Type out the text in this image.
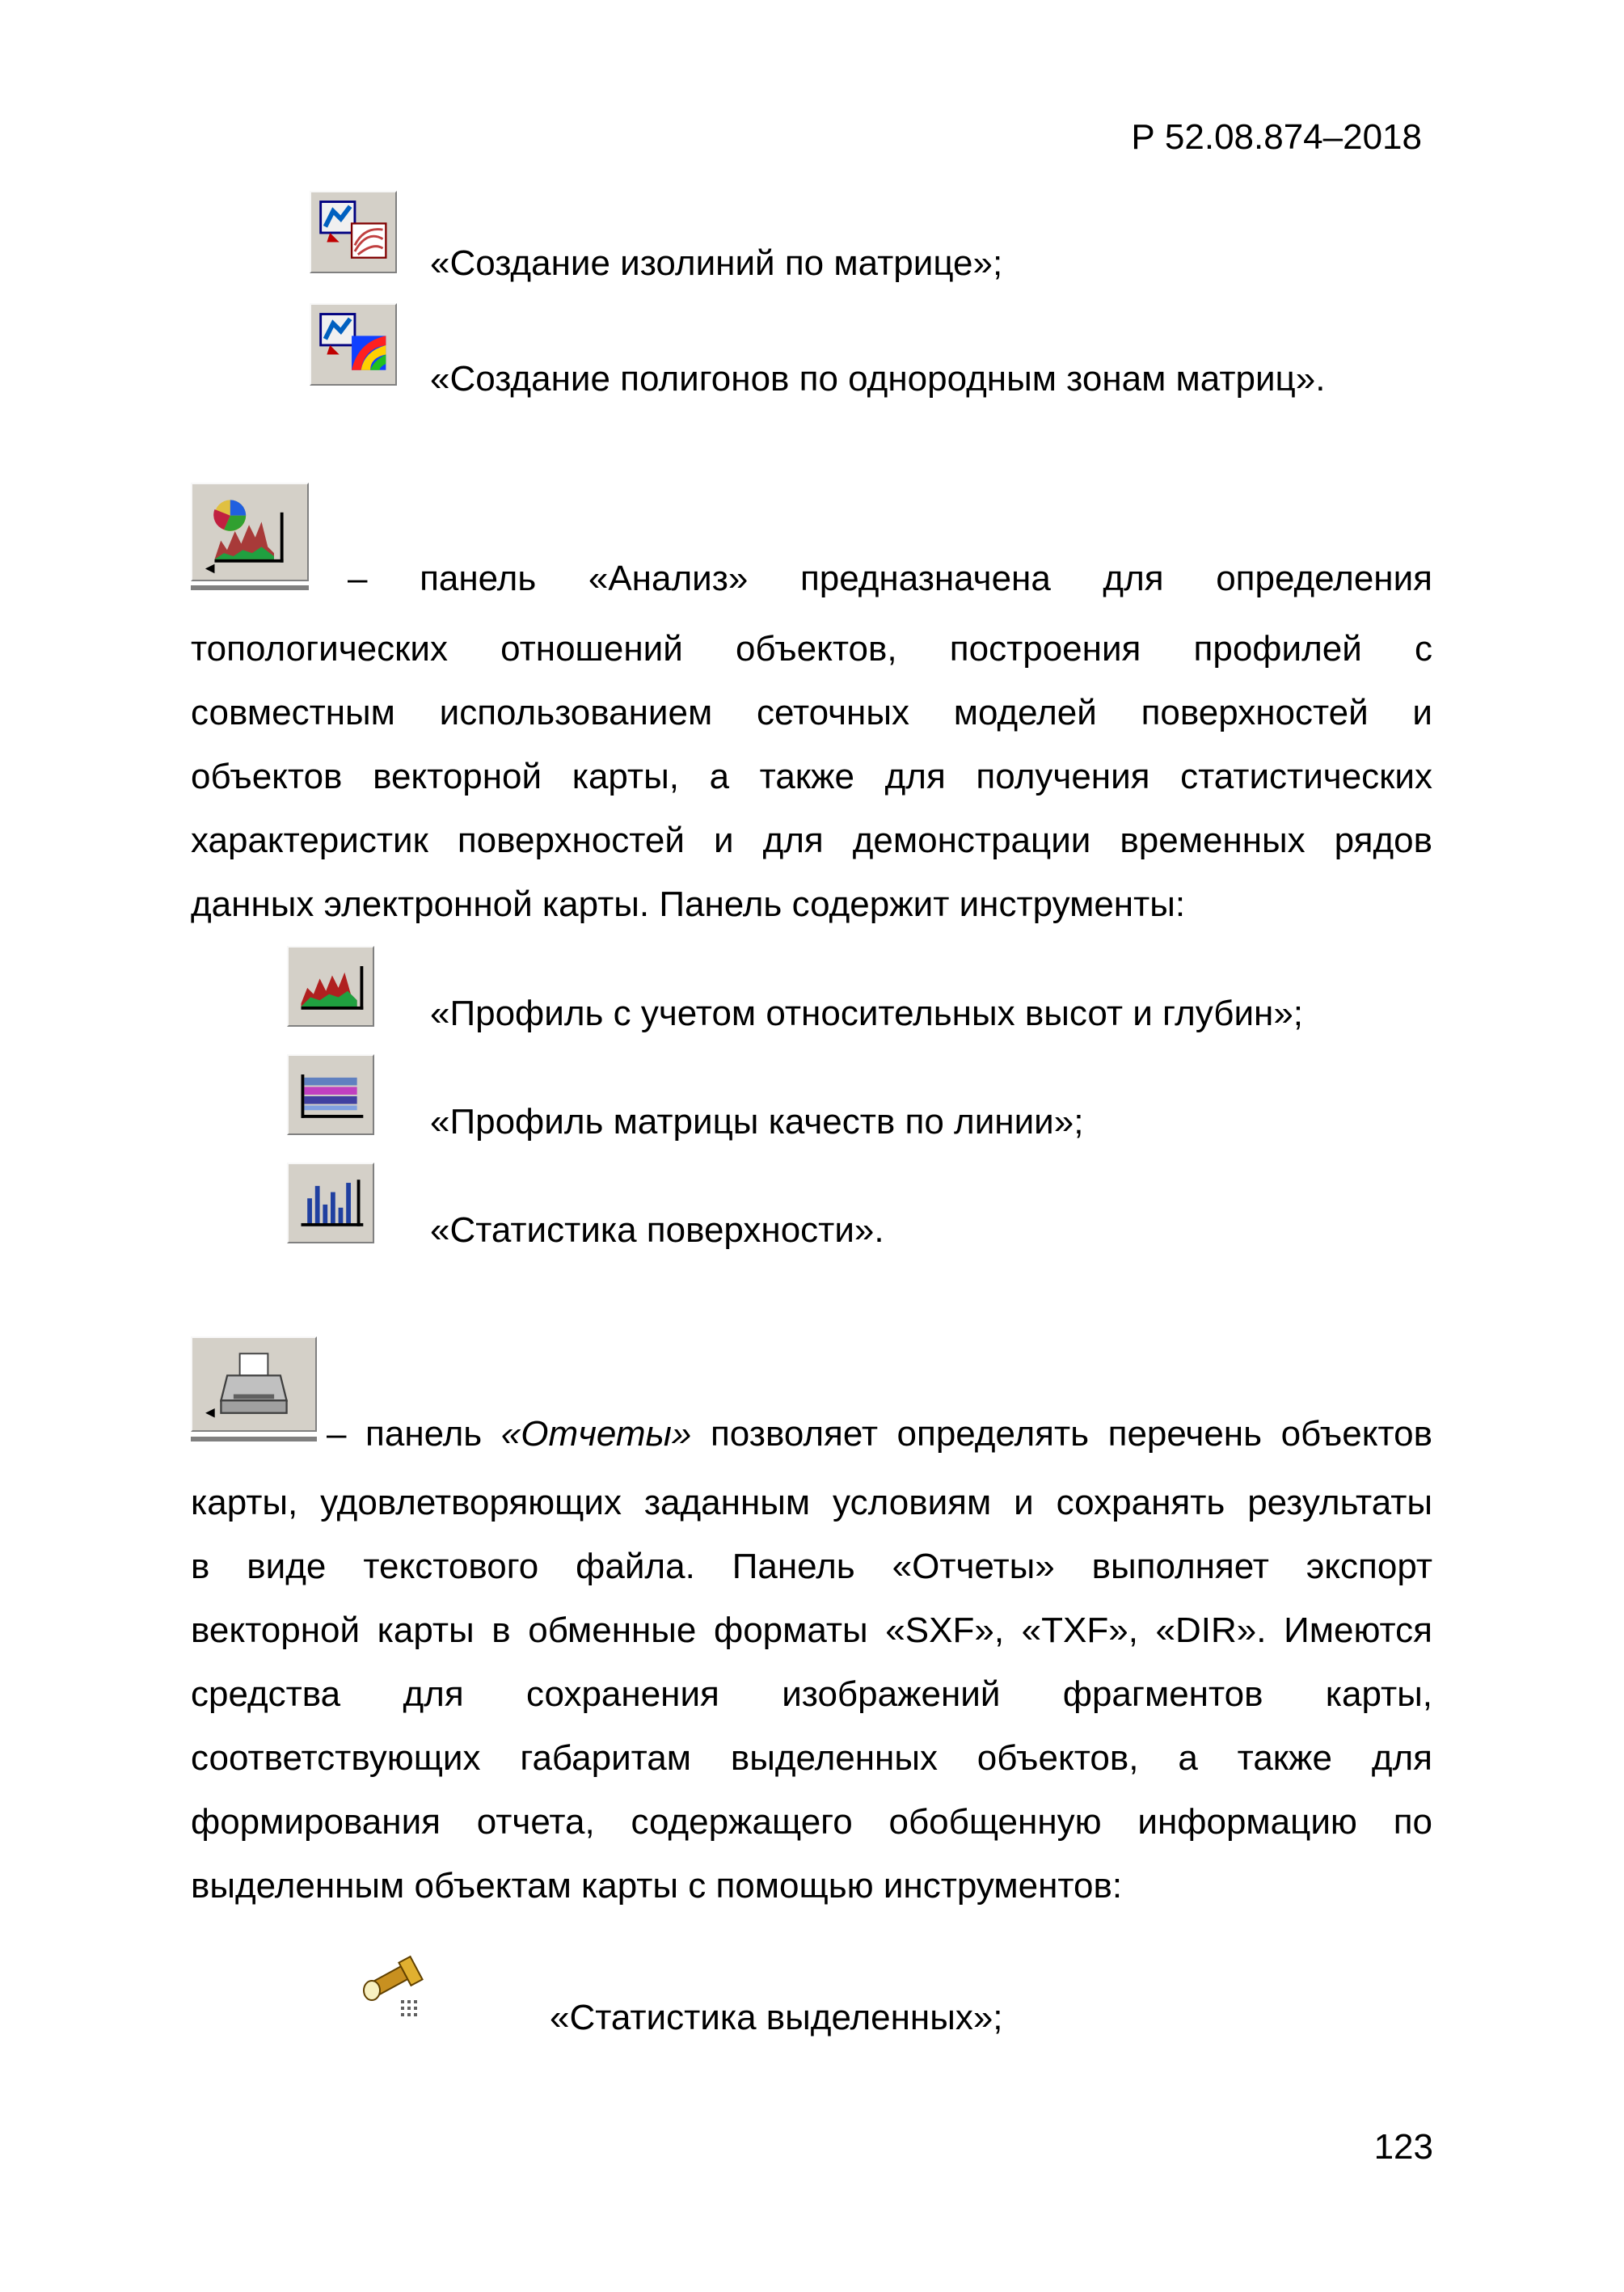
Р 52.08.874–2018
«Создание изолиний по матрице»;
«Создание полигонов по однородным зонам матриц».
– панель «Анализ» предназначена для определения
топологических отношений объектов, построения профилей с
совместным использованием сеточных моделей поверхностей и
объектов векторной карты, а также для получения статистических
характеристик поверхностей и для демонстрации временных рядов
данных электронной карты. Панель содержит инструменты:
«Профиль с учетом относительных высот и глубин»;
«Профиль матрицы качеств по линии»;
«Статистика поверхности».
– панель «Отчеты» позволяет определять перечень объектов
карты, удовлетворяющих заданным условиям и сохранять результаты
в виде текстового файла. Панель «Отчеты» выполняет экспорт
векторной карты в обменные форматы «SXF», «TXF», «DIR». Имеются
средства для сохранения изображений фрагментов карты,
соответствующих габаритам выделенных объектов, а также для
формирования отчета, содержащего обобщенную информацию по
выделенным объектам карты с помощью инструментов:
«Статистика выделенных»;
123
